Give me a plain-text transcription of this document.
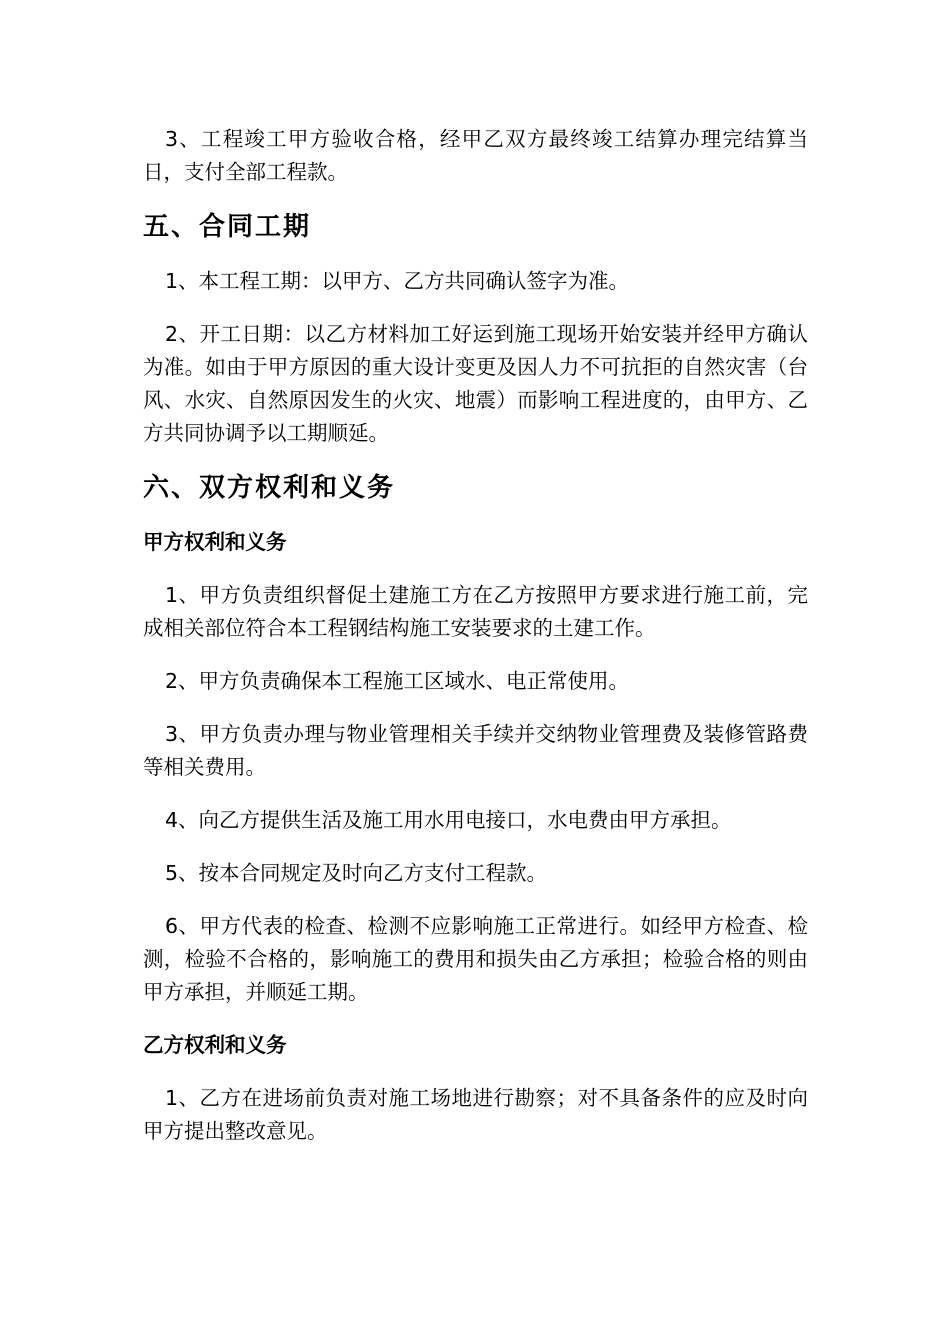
3、工程竣工甲方验收合格，经甲乙双方最终竣工结算办理完结算当日，支付全部工程款。

五、合同工期

1、本工程工期：以甲方、乙方共同确认签字为准。

2、开工日期：以乙方材料加工好运到施工现场开始安装并经甲方确认为准。如由于甲方原因的重大设计变更及因人力不可抗拒的自然灾害（台风、水灾、自然原因发生的火灾、地震）而影响工程进度的，由甲方、乙方共同协调予以工期顺延。

六、双方权利和义务
甲方权利和义务

1、甲方负责组织督促土建施工方在乙方按照甲方要求进行施工前，完成相关部位符合本工程钢结构施工安装要求的土建工作。

2、甲方负责确保本工程施工区域水、电正常使用。

3、甲方负责办理与物业管理相关手续并交纳物业管理费及装修管路费等相关费用。

4、向乙方提供生活及施工用水用电接口，水电费由甲方承担。

5、按本合同规定及时向乙方支付工程款。

6、甲方代表的检查、检测不应影响施工正常进行。如经甲方检查、检测，检验不合格的，影响施工的费用和损失由乙方承担；检验合格的则由甲方承担，并顺延工期。

乙方权利和义务

1、乙方在进场前负责对施工场地进行勘察；对不具备条件的应及时向甲方提出整改意见。
